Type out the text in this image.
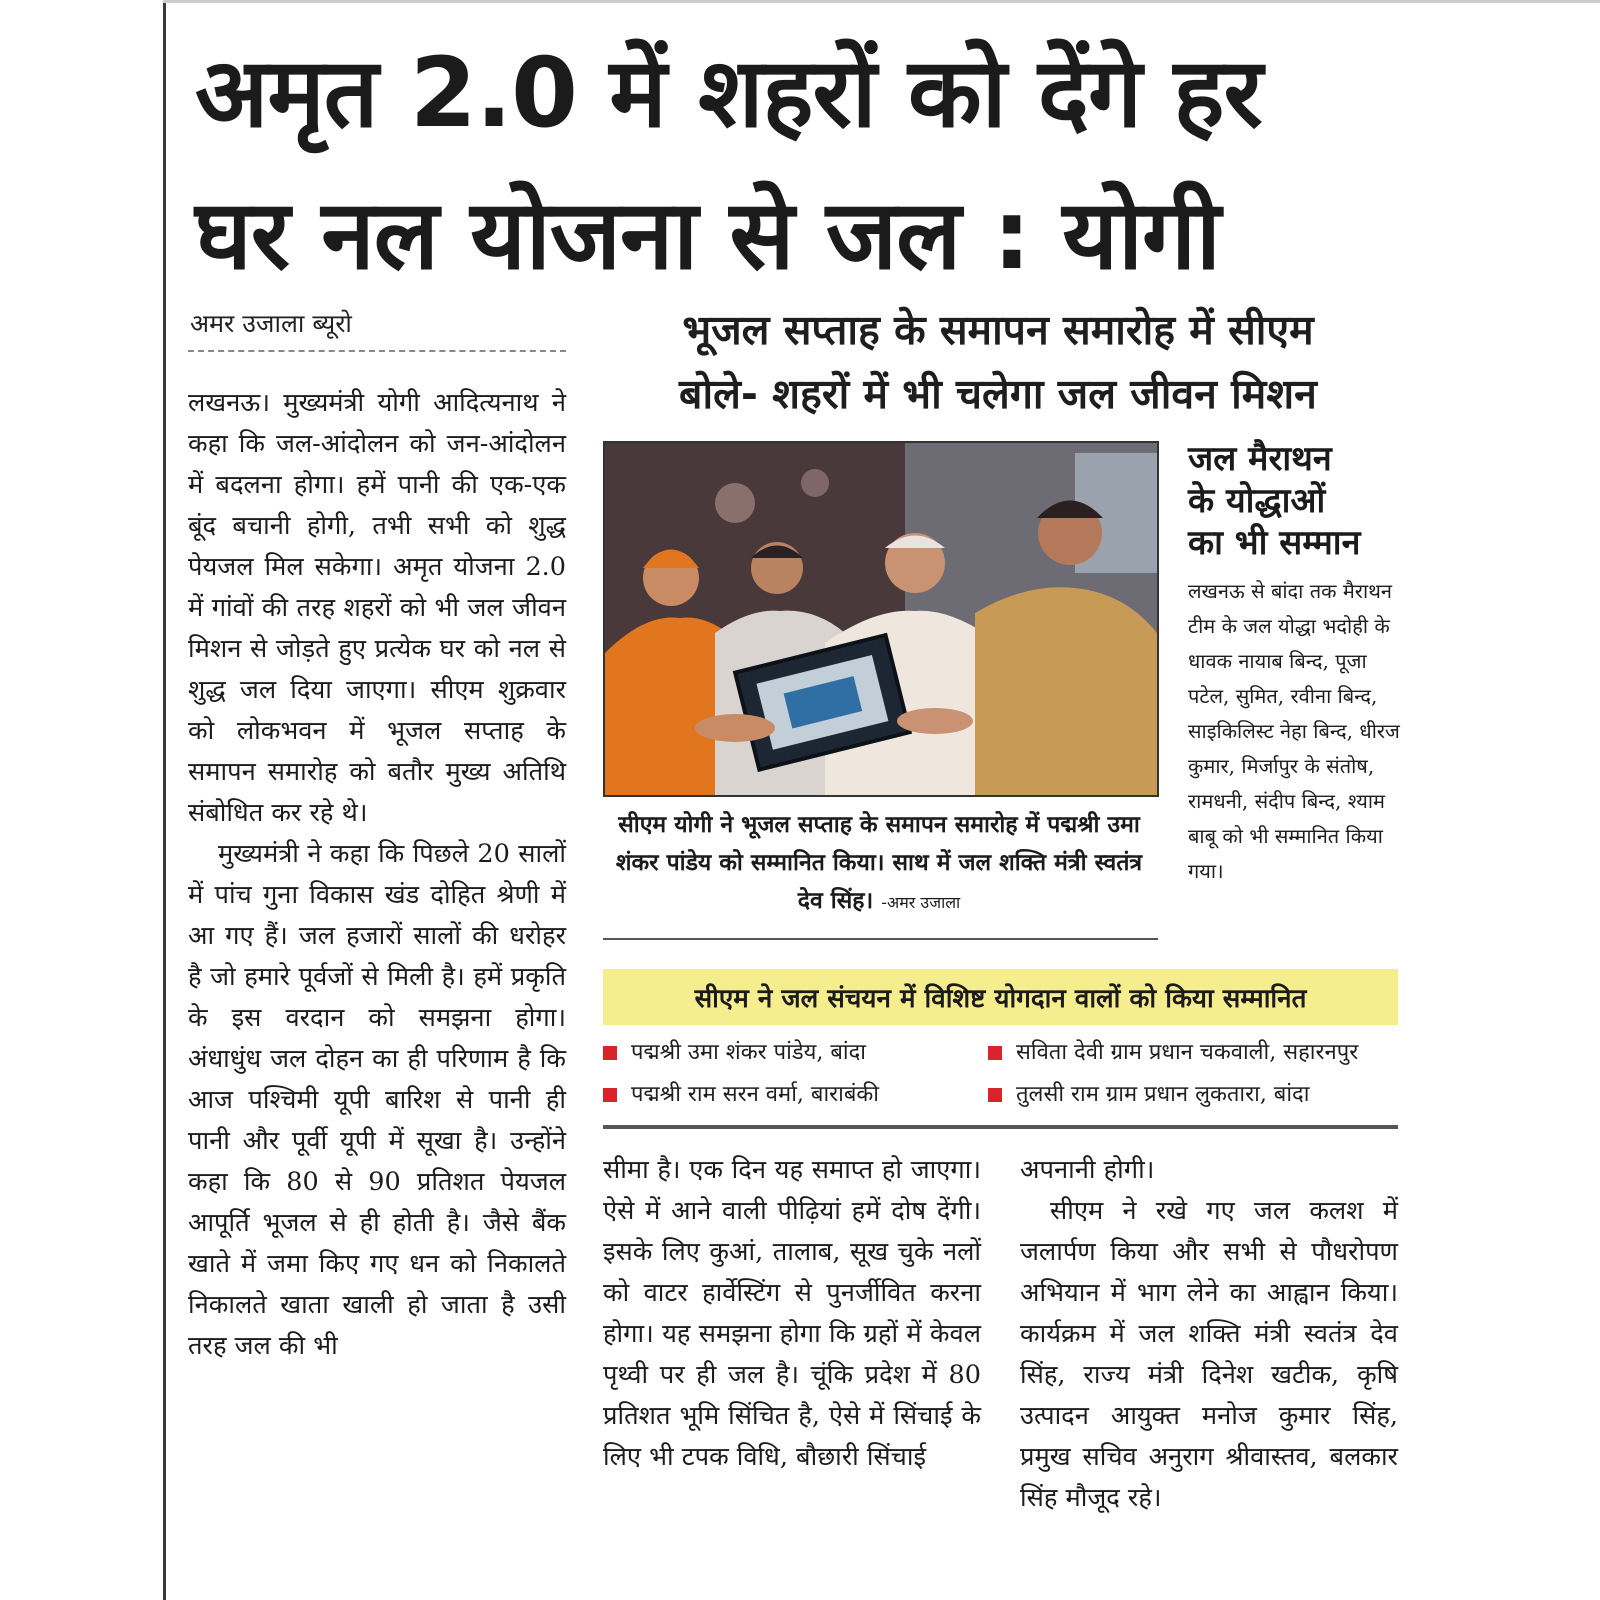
अमृत 2.0 में शहरों को देंगे हर
घर नल योजना से जल : योगी
अमर उजाला ब्यूरो

लखनऊ। मुख्यमंत्री योगी आदित्यनाथ ने कहा कि जल-आंदोलन को जन-आंदोलन में बदलना होगा। हमें पानी की एक-एक बूंद बचानी होगी, तभी सभी को शुद्ध पेयजल मिल सकेगा। अमृत योजना 2.0 में गांवों की तरह शहरों को भी जल जीवन मिशन से जोड़ते हुए प्रत्येक घर को नल से शुद्ध जल दिया जाएगा। सीएम शुक्रवार को लोकभवन में भूजल सप्ताह के समापन समारोह को बतौर मुख्य अतिथि संबोधित कर रहे थे।

मुख्यमंत्री ने कहा कि पिछले 20 सालों में पांच गुना विकास खंड दोहित श्रेणी में आ गए हैं। जल हजारों सालों की धरोहर है जो हमारे पूर्वजों से मिली है। हमें प्रकृति के इस वरदान को समझना होगा। अंधाधुंध जल दोहन का ही परिणाम है कि आज पश्चिमी यूपी बारिश से पानी ही पानी और पूर्वी यूपी में सूखा है। उन्होंने कहा कि 80 से 90 प्रतिशत पेयजल आपूर्ति भूजल से ही होती है। जैसे बैंक खाते में जमा किए गए धन को निकालते निकालते खाता खाली हो जाता है उसी तरह जल की भी

भूजल सप्ताह के समापन समारोह में सीएम
बोले- शहरों में भी चलेगा जल जीवन मिशन
सीएम योगी ने भूजल सप्ताह के समापन समारोह में पद्मश्री उमा शंकर पांडेय को सम्मानित किया। साथ में जल शक्ति मंत्री स्वतंत्र देव सिंह। -अमर उजाला
जल मैराथन
के योद्धाओं
का भी सम्मान
लखनऊ से बांदा तक मैराथन टीम के जल योद्धा भदोही के धावक नायाब बिन्द, पूजा पटेल, सुमित, रवीना बिन्द, साइकिलिस्ट नेहा बिन्द, धीरज कुमार, मिर्जापुर के संतोष, रामधनी, संदीप बिन्द, श्याम बाबू को भी सम्मानित किया गया।
सीएम ने जल संचयन में विशिष्ट योगदान वालों को किया सम्मानित
पद्मश्री उमा शंकर पांडेय, बांदा	सविता देवी ग्राम प्रधान चकवाली, सहारनपुर
पद्मश्री राम सरन वर्मा, बाराबंकी	तुलसी राम ग्राम प्रधान लुकतारा, बांदा

सीमा है। एक दिन यह समाप्त हो जाएगा। ऐसे में आने वाली पीढ़ियां हमें दोष देंगी। इसके लिए कुआं, तालाब, सूख चुके नलों को वाटर हार्वेस्टिंग से पुनर्जीवित करना होगा। यह समझना होगा कि ग्रहों में केवल पृथ्वी पर ही जल है। चूंकि प्रदेश में 80 प्रतिशत भूमि सिंचित है, ऐसे में सिंचाई के लिए भी टपक विधि, बौछारी सिंचाई

अपनानी होगी।

सीएम ने रखे गए जल कलश में जलार्पण किया और सभी से पौधरोपण अभियान में भाग लेने का आह्वान किया। कार्यक्रम में जल शक्ति मंत्री स्वतंत्र देव सिंह, राज्य मंत्री दिनेश खटीक, कृषि उत्पादन आयुक्त मनोज कुमार सिंह, प्रमुख सचिव अनुराग श्रीवास्तव, बलकार सिंह मौजूद रहे।
